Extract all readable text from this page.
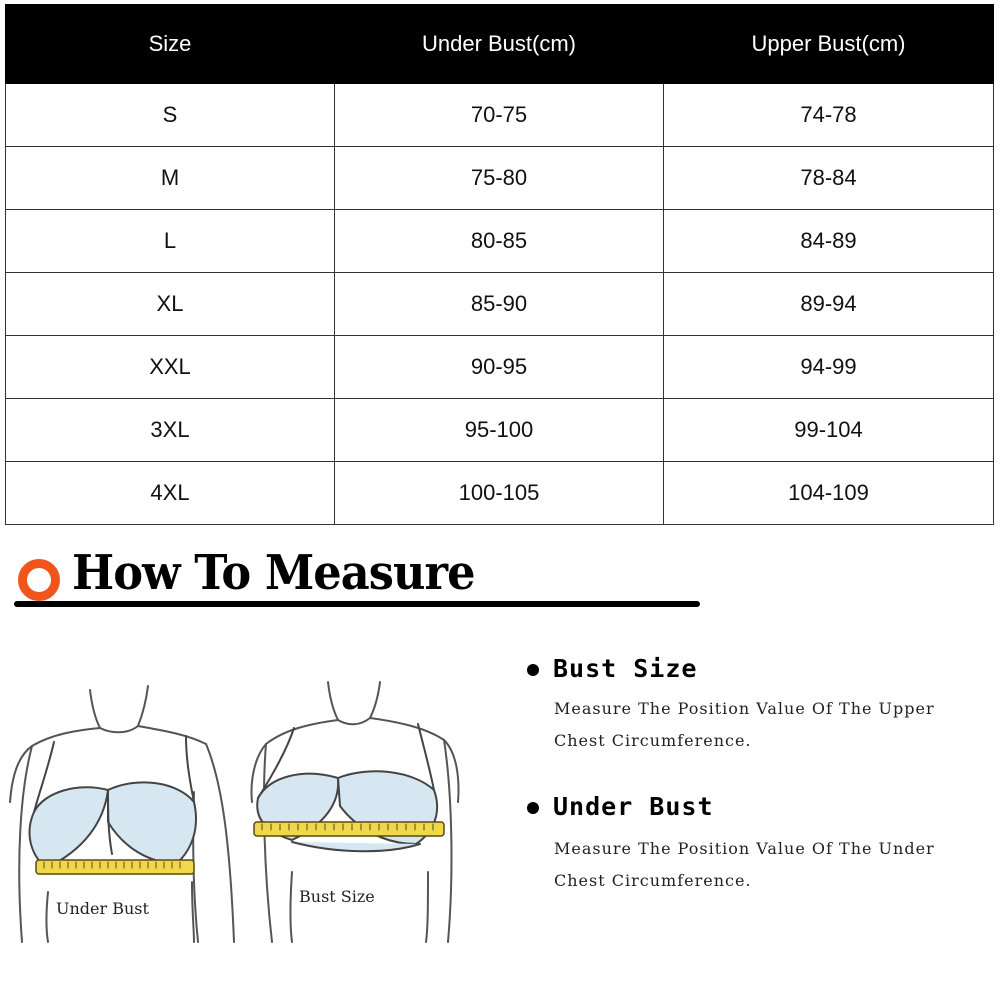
Size	Under Bust(cm)	Upper Bust(cm)
S	70-75	74-78
M	75-80	78-84
L	80-85	84-89
XL	85-90	89-94
XXL	90-95	94-99
3XL	95-100	99-104
4XL	100-105	104-109
How To Measure
Under Bust
Bust Size
Bust Size
Measure The Position Value Of The Upper Chest Circumference.
Under Bust
Measure The Position Value Of The Under Chest Circumference.
